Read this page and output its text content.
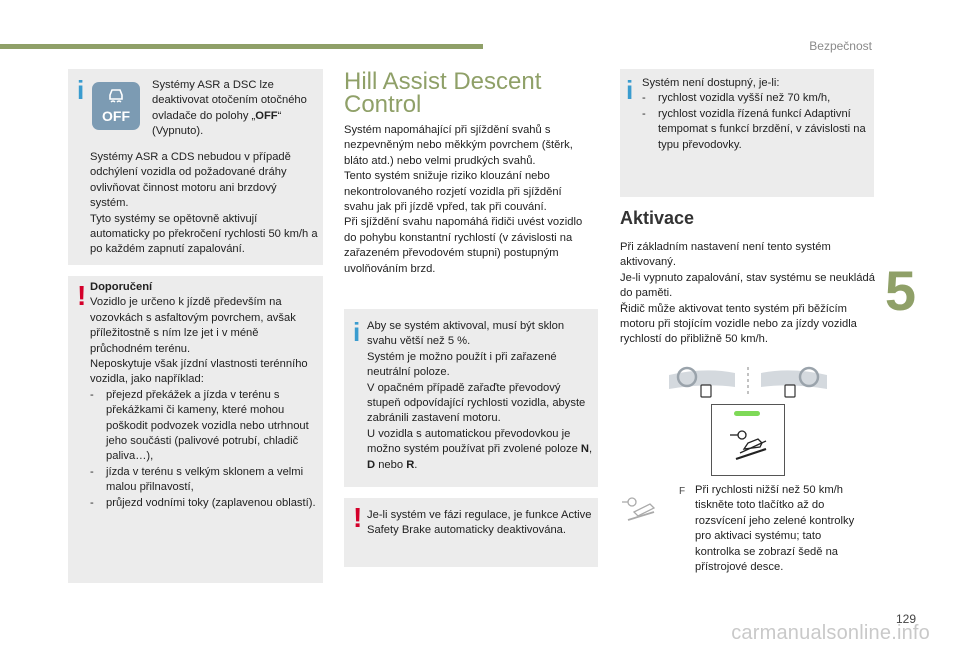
Bezpečnost
5
i
OFF

Systémy ASR a DSC lze deaktivovat otočením otočného ovladače do polohy „OFF“ (Vypnuto).

Systémy ASR a CDS nebudou v případě odchýlení vozidla od požadované dráhy ovlivňovat činnost motoru ani brzdový systém.

Tyto systémy se opětovně aktivují automaticky po překročení rychlosti 50 km/h a po každém zapnutí zapalování.

! Doporučení

Vozidlo je určeno k jízdě především na vozovkách s asfaltovým povrchem, avšak příležitostně s ním lze jet i v méně průchodném terénu.

Neposkytuje však jízdní vlastnosti terénního vozidla, jako například:

- přejezd překážek a jízda v terénu s překážkami či kameny, které mohou poškodit podvozek vozidla nebo utrhnout jeho součásti (palivové potrubí, chladič paliva…),
- jízda v terénu s velkým sklonem a velmi malou přilnavostí,
- průjezd vodními toky (zaplavenou oblastí).
Hill Assist Descent Control

Systém napomáhající při sjíždění svahů s nezpevněným nebo měkkým povrchem (štěrk, bláto atd.) nebo velmi prudkých svahů.

Tento systém snižuje riziko klouzání nebo nekontrolovaného rozjetí vozidla při sjíždění svahu jak při jízdě vpřed, tak při couvání.

Při sjíždění svahu napomáhá řidiči uvést vozidlo do pohybu konstantní rychlostí (v závislosti na zařazeném převodovém stupni) postupným uvolňováním brzd.

i Aby se systém aktivoval, musí být sklon svahu větší než 5 %.

Systém je možno použít i při zařazené neutrální poloze.

V opačném případě zařaďte převodový stupeň odpovídající rychlosti vozidla, abyste zabránili zastavení motoru.

U vozidla s automatickou převodovkou je možno systém používat při zvolené poloze N, D nebo R.

! Je-li systém ve fázi regulace, je funkce Active Safety Brake automaticky deaktivována.

i Systém není dostupný, je-li:

- rychlost vozidla vyšší než 70 km/h,
- rychlost vozidla řízená funkcí Adaptivní tempomat s funkcí brzdění, v závislosti na typu převodovky.
Aktivace

Při základním nastavení není tento systém aktivovaný.

Je-li vypnuto zapalování, stav systému se neukládá do paměti.

Řidič může aktivovat tento systém při běžícím motoru při stojícím vozidle nebo za jízdy vozidla rychlostí do přibližně 50 km/h.

F Při rychlosti nižší než 50 km/h tiskněte toto tlačítko až do rozsvícení jeho zelené kontrolky pro aktivaci systému; tato kontrolka se zobrazí šedě na přístrojové desce.

129
carmanualsonline.info
